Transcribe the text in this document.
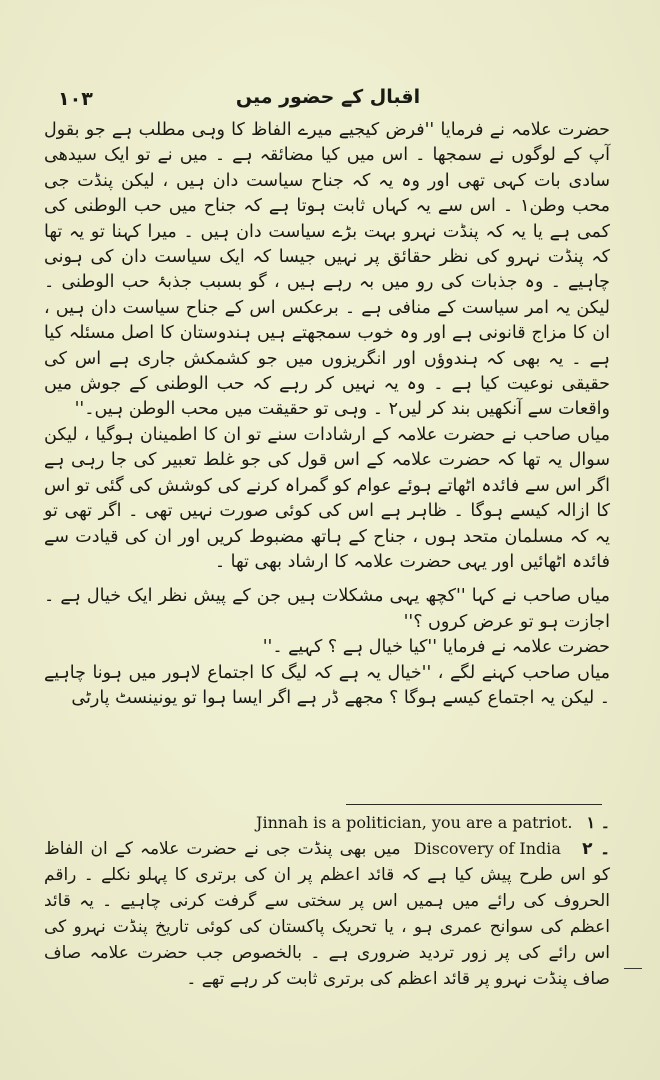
۱۰۳	اقبال کے حضور میں

حضرت علامہ نے فرمایا ''فرض کیجیے میرے الفاظ کا وہی مطلب ہے جو بقول آپ کے لوگوں نے سمجھا ۔ اس میں کیا مضائقہ ہے ۔ میں نے تو ایک سیدھی سادی بات کہی تھی اور وہ یہ کہ جناح سیاست دان ہیں ، لیکن پنڈت جی محب وطن۱ ۔ اس سے یہ کہاں ثابت ہوتا ہے کہ جناح میں حب الوطنی کی کمی ہے یا یہ کہ پنڈت نہرو بہت بڑے سیاست دان ہیں ۔ میرا کہنا تو یہ تھا کہ پنڈت نہرو کی نظر حقائق پر نہیں جیسا کہ ایک سیاست دان کی ہونی چاہیے ۔ وہ جذبات کی رو میں بہ رہے ہیں ، گو بسبب جذبۂ حب الوطنی ۔ لیکن یہ امر سیاست کے منافی ہے ۔ برعکس اس کے جناح سیاست دان ہیں ، ان کا مزاج قانونی ہے اور وہ خوب سمجھتے ہیں ہندوستان کا اصل مسئلہ کیا ہے ۔ یہ بھی کہ ہندوؤں اور انگریزوں میں جو کشمکش جاری ہے اس کی حقیقی نوعیت کیا ہے ۔ وہ یہ نہیں کر رہے کہ حب الوطنی کے جوش میں واقعات سے آنکھیں بند کر لیں۲ ۔ وہی تو حقیقت میں محب الوطن ہیں۔''

میاں صاحب نے حضرت علامہ کے ارشادات سنے تو ان کا اطمینان ہوگیا ، لیکن سوال یہ تھا کہ حضرت علامہ کے اس قول کی جو غلط تعبیر کی جا رہی ہے اگر اس سے فائدہ اٹھاتے ہوئے عوام کو گمراہ کرنے کی کوشش کی گئی تو اس کا ازالہ کیسے ہوگا ۔ ظاہر ہے اس کی کوئی صورت نہیں تھی ۔ اگر تھی تو یہ کہ مسلمان متحد ہوں ، جناح کے ہاتھ مضبوط کریں اور ان کی قیادت سے فائدہ اٹھائیں اور یہی حضرت علامہ کا ارشاد بھی تھا ۔

میاں صاحب نے کہا ''کچھ یہی مشکلات ہیں جن کے پیش نظر ایک خیال ہے ۔ اجازت ہو تو عرض کروں ؟''

حضرت علامہ نے فرمایا ''کیا خیال ہے ؟ کہیے ۔''

میاں صاحب کہنے لگے ، ''خیال یہ ہے کہ لیگ کا اجتماع لاہور میں ہونا چاہیے ۔ لیکن یہ اجتماع کیسے ہوگا ؟ مجھے ڈر ہے اگر ایسا ہوا تو یونینسٹ پارٹی

۔ ۱Jinnah is a politician, you are a patriot.
۔ ۲ Discovery of India میں بھی پنڈت جی نے حضرت علامہ کے ان الفاظ کو اس طرح پیش کیا ہے کہ قائد اعظم پر ان کی برتری کا پہلو نکلے ۔ راقم الحروف کی رائے میں ہمیں اس پر سختی سے گرفت کرنی چاہیے ۔ یہ قائد اعظم کی سوانح عمری ہو ، یا تحریک پاکستان کی کوئی تاریخ پنڈت نہرو کی اس رائے کی پر زور تردید ضروری ہے ۔ بالخصوص جب حضرت علامہ صاف صاف پنڈت نہرو پر قائد اعظم کی برتری ثابت کر رہے تھے ۔
